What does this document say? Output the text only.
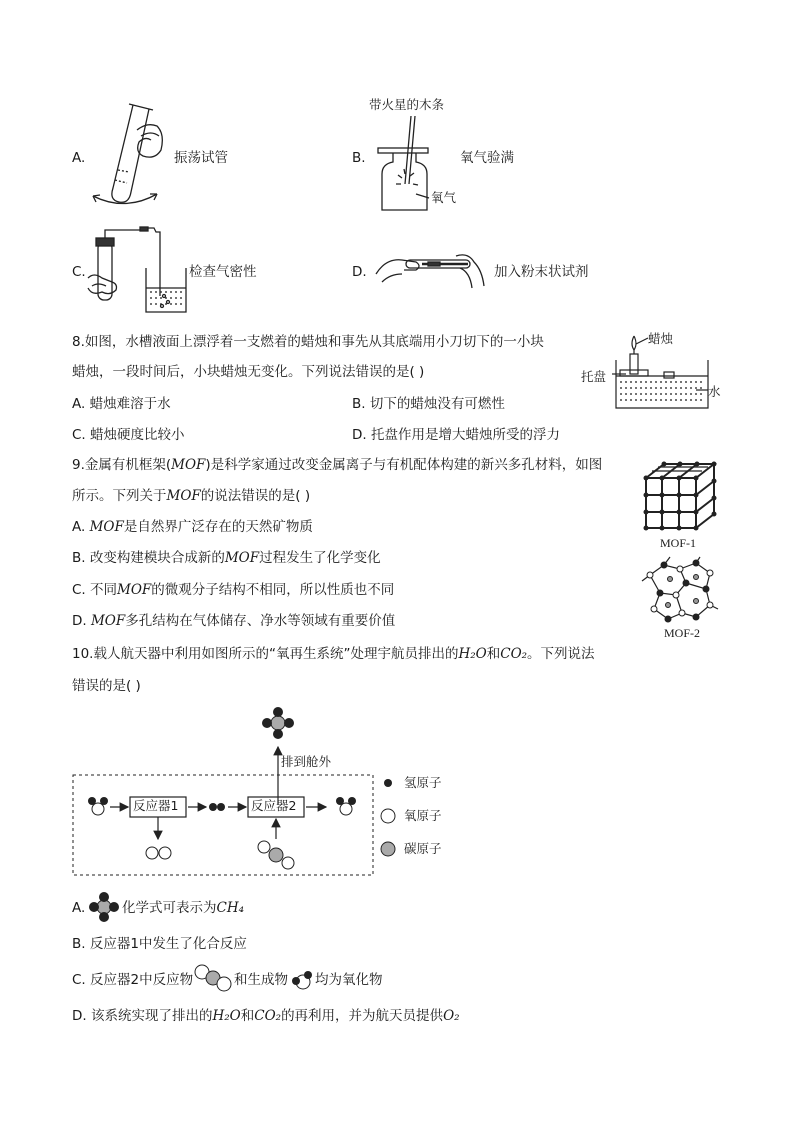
A.	振荡试管
带火星的木条
B.
氧气
氧气验满
C.	检查气密性	D.	加入粉末状试剂
8.如图，水槽液面上漂浮着一支燃着的蜡烛和事先从其底端用小刀切下的一小块
蜡烛，一段时间后，小块蜡烛无变化。下列说法错误的是( )
A. 蜡烛难溶于水	B. 切下的蜡烛没有可燃性
C. 蜡烛硬度比较小	D. 托盘作用是增大蜡烛所受的浮力
蜡烛
托盘
水
9.金属有机框架(MOF)是科学家通过改变金属离子与有机配体构建的新兴多孔材料，如图
所示。下列关于MOF的说法错误的是( )
A. MOF是自然界广泛存在的天然矿物质
B. 改变构建模块合成新的MOF过程发生了化学变化
C. 不同MOF的微观分子结构不相同，所以性质也不同
D. MOF多孔结构在气体储存、净水等领域有重要价值
MOF-1
MOF-2
10.载人航天器中利用如图所示的“氧再生系统”处理宇航员排出的H₂O和CO₂。下列说法
错误的是( )
排到舱外
反应器1	反应器2
氢原子
氧原子
碳原子
A.	化学式可表示为CH₄
B. 反应器1中发生了化合反应
C. 反应器2中反应物	和生成物 均为氧化物
D. 该系统实现了排出的H₂O和CO₂的再利用，并为航天员提供O₂
